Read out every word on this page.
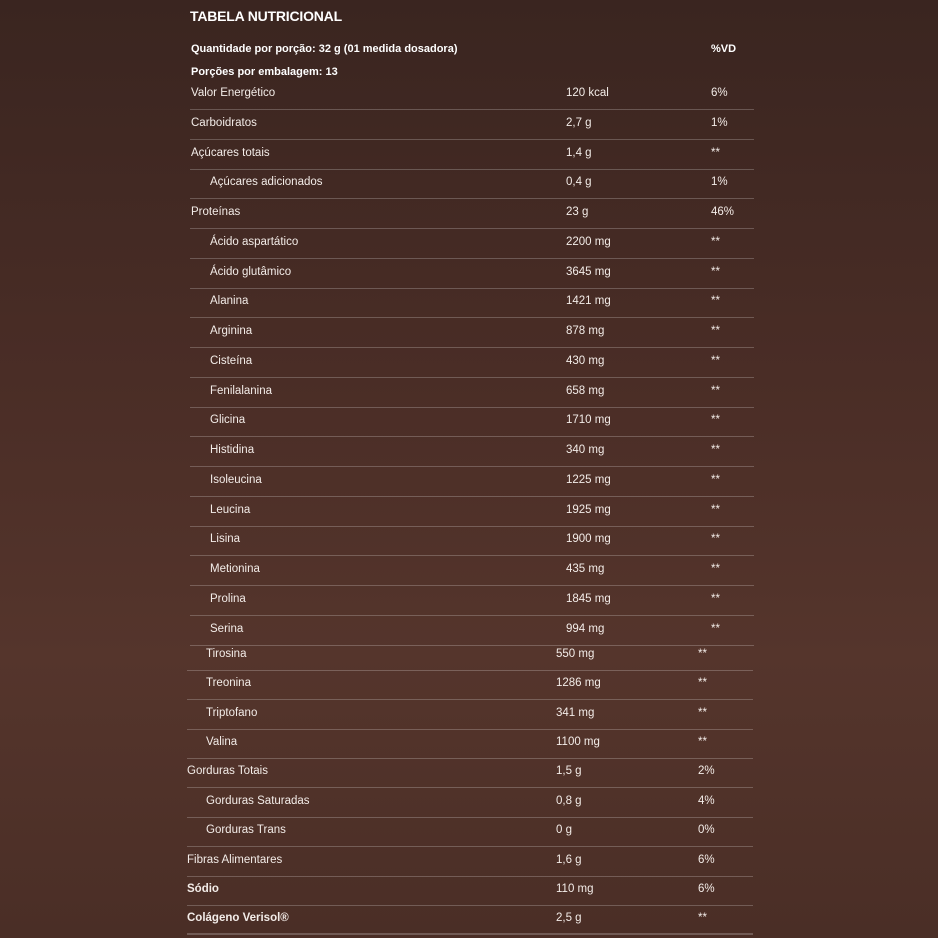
TABELA NUTRICIONAL
Quantidade por porção: 32 g (01 medida dosadora)	%VD
Porções por embalagem: 13
Valor Energético	120 kcal	6%
Carboidratos	2,7 g	1%
Açúcares totais	1,4 g	**
Açúcares adicionados	0,4 g	1%
Proteínas	23 g	46%
Ácido aspartático	2200 mg	**
Ácido glutâmico	3645 mg	**
Alanina	1421 mg	**
Arginina	878 mg	**
Cisteína	430 mg	**
Fenilalanina	658 mg	**
Glicina	1710 mg	**
Histidina	340 mg	**
Isoleucina	1225 mg	**
Leucina	1925 mg	**
Lisina	1900 mg	**
Metionina	435 mg	**
Prolina	1845 mg	**
Serina	994 mg	**
Tirosina	550 mg	**
Treonina	1286 mg	**
Triptofano	341 mg	**
Valina	1100 mg	**
Gorduras Totais	1,5 g	2%
Gorduras Saturadas	0,8 g	4%
Gorduras Trans	0 g	0%
Fibras Alimentares	1,6 g	6%
Sódio	110 mg	6%
Colágeno Verisol®	2,5 g	**
